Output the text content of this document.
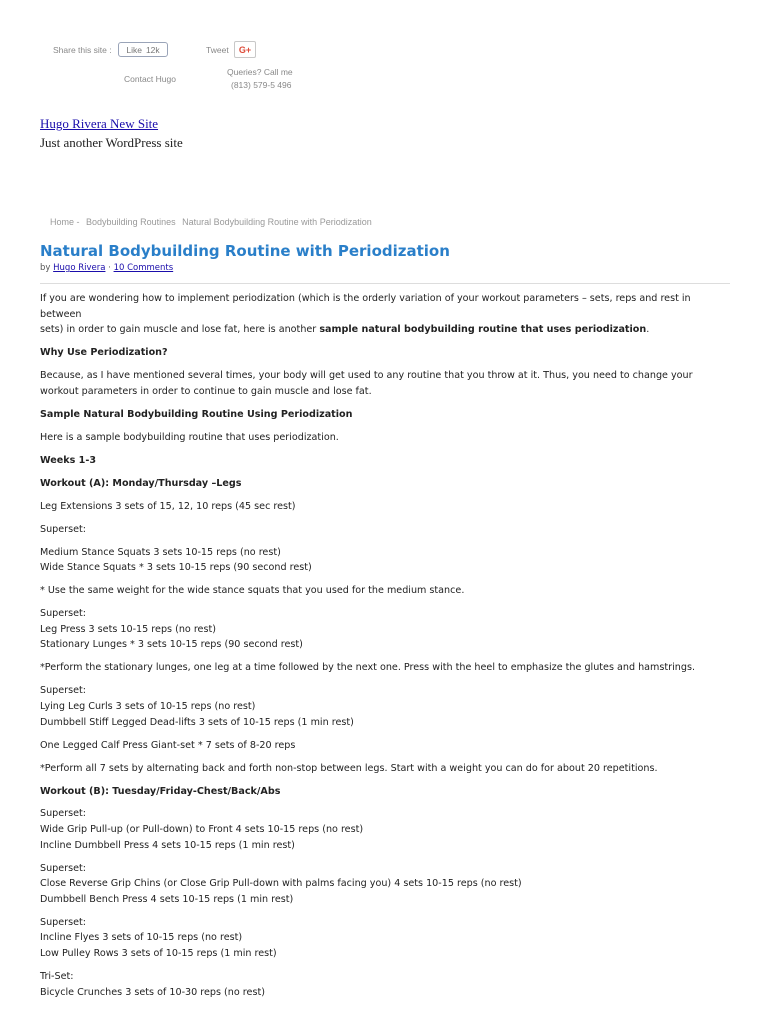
Share this site : Like 12k	Tweet	G+
Contact Hugo
Queries? Call me
(813) 579-5 496
Hugo Rivera New Site
Just another WordPress site
Home - Bodybuilding Routines Natural Bodybuilding Routine with Periodization
Natural Bodybuilding Routine with Periodization
by Hugo Rivera · 10 Comments

If you are wondering how to implement periodization (which is the orderly variation of your workout parameters – sets, reps and rest in between
sets) in order to gain muscle and lose fat, here is another sample natural bodybuilding routine that uses periodization.

Why Use Periodization?

Because, as I have mentioned several times, your body will get used to any routine that you throw at it. Thus, you need to change your workout parameters in order to continue to gain muscle and lose fat.

Sample Natural Bodybuilding Routine Using Periodization

Here is a sample bodybuilding routine that uses periodization.

Weeks 1-3

Workout (A): Monday/Thursday –Legs

Leg Extensions 3 sets of 15, 12, 10 reps (45 sec rest)

Superset:

Medium Stance Squats 3 sets 10-15 reps (no rest)
Wide Stance Squats * 3 sets 10-15 reps (90 second rest)

* Use the same weight for the wide stance squats that you used for the medium stance.

Superset:
Leg Press 3 sets 10-15 reps (no rest)
Stationary Lunges * 3 sets 10-15 reps (90 second rest)

*Perform the stationary lunges, one leg at a time followed by the next one. Press with the heel to emphasize the glutes and hamstrings.

Superset:
Lying Leg Curls 3 sets of 10-15 reps (no rest)
Dumbbell Stiff Legged Dead-lifts 3 sets of 10-15 reps (1 min rest)

One Legged Calf Press Giant-set * 7 sets of 8-20 reps

*Perform all 7 sets by alternating back and forth non-stop between legs. Start with a weight you can do for about 20 repetitions.

Workout (B): Tuesday/Friday-Chest/Back/Abs

Superset:
Wide Grip Pull-up (or Pull-down) to Front 4 sets 10-15 reps (no rest)
Incline Dumbbell Press 4 sets 10-15 reps (1 min rest)

Superset:
Close Reverse Grip Chins (or Close Grip Pull-down with palms facing you) 4 sets 10-15 reps (no rest)
Dumbbell Bench Press 4 sets 10-15 reps (1 min rest)

Superset:
Incline Flyes 3 sets of 10-15 reps (no rest)
Low Pulley Rows 3 sets of 10-15 reps (1 min rest)

Tri-Set:
Bicycle Crunches 3 sets of 10-30 reps (no rest)
